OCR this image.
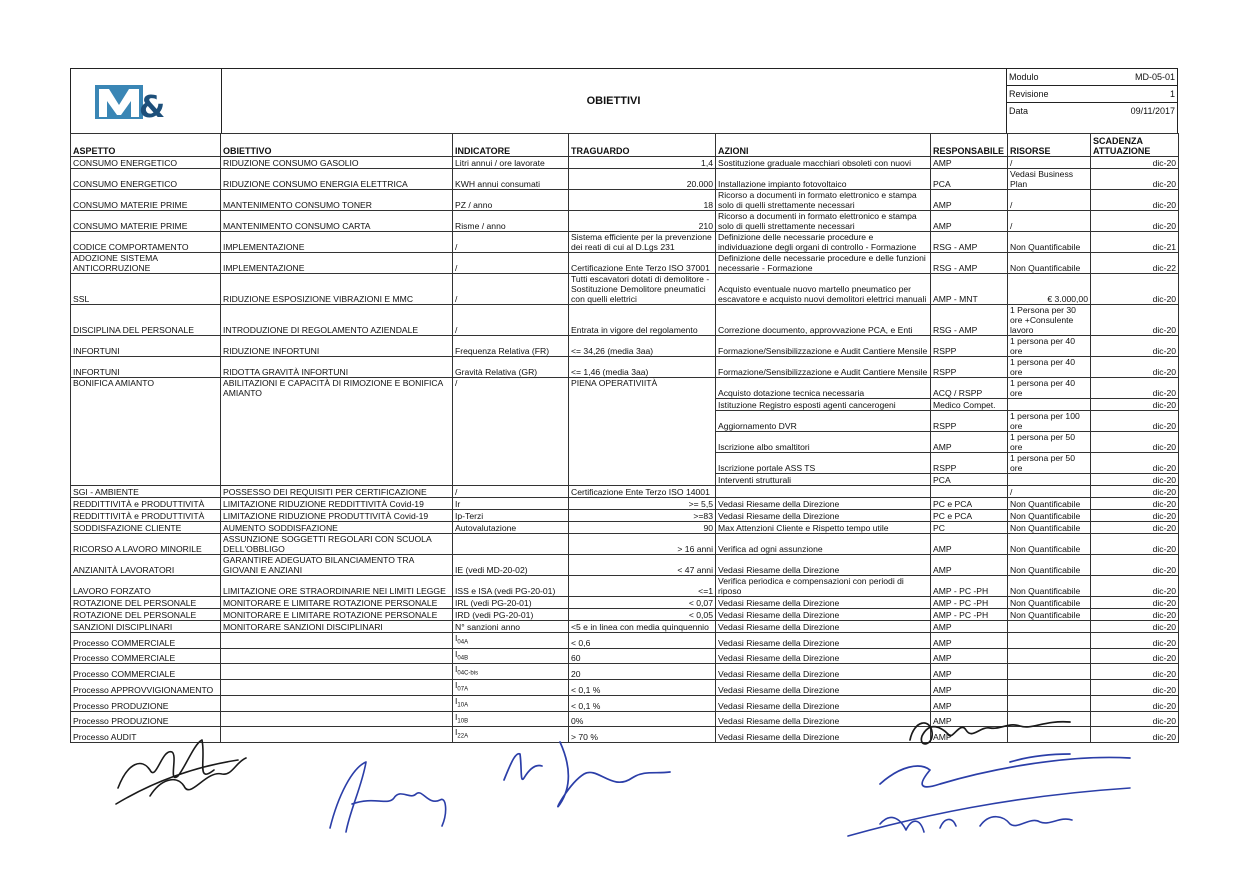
&	OBIETTIVI
Modulo	MD-05-01
Revisione	1
Data	09/11/2017
ASPETTO	OBIETTIVO	INDICATORE	TRAGUARDO	AZIONI	RESPONSABILE	RISORSE	SCADENZA ATTUAZIONE
CONSUMO ENERGETICO	RIDUZIONE CONSUMO GASOLIO	Litri annui / ore lavorate	1,4	Sostituzione graduale macchiari obsoleti con nuovi	AMP	/	dic-20
CONSUMO ENERGETICO	RIDUZIONE CONSUMO ENERGIA ELETTRICA	KWH annui consumati	20.000	Installazione impianto fotovoltaico	PCA	Vedasi Business Plan	dic-20
CONSUMO MATERIE PRIME	MANTENIMENTO CONSUMO TONER	PZ / anno	18	Ricorso a documenti in formato elettronico e stampa solo di quelli strettamente necessari	AMP	/	dic-20
CONSUMO MATERIE PRIME	MANTENIMENTO CONSUMO CARTA	Risme / anno	210	Ricorso a documenti in formato elettronico e stampa solo di quelli strettamente necessari	AMP	/	dic-20
CODICE COMPORTAMENTO	IMPLEMENTAZIONE	/	Sistema efficiente per la prevenzione dei reati di cui al D.Lgs 231	Definizione delle necessarie procedure e individuazione degli organi di controllo - Formazione	RSG - AMP	Non Quantificabile	dic-21
ADOZIONE SISTEMA ANTICORRUZIONE	IMPLEMENTAZIONE	/	Certificazione Ente Terzo ISO 37001	Definizione delle necessarie procedure e delle funzioni necessarie - Formazione	RSG - AMP	Non Quantificabile	dic-22
SSL	RIDUZIONE ESPOSIZIONE VIBRAZIONI E MMC	/	Tutti escavatori dotati di demolitore - Sostituzione Demolitore pneumatici con quelli elettrici	Acquisto eventuale nuovo martello pneumatico per escavatore e acquisto nuovi demolitori elettrici manuali	AMP - MNT	€ 3.000,00	dic-20
DISCIPLINA DEL PERSONALE	INTRODUZIONE DI REGOLAMENTO AZIENDALE	/	Entrata in vigore del regolamento	Correzione documento, approvvazione PCA, e Enti	RSG - AMP	1 Persona per 30 ore +Consulente lavoro	dic-20
INFORTUNI	RIDUZIONE INFORTUNI	Frequenza Relativa (FR)	<= 34,26 (media 3aa)	Formazione/Sensibilizzazione e Audit Cantiere Mensile	RSPP	1 persona per 40 ore	dic-20
INFORTUNI	RIDOTTA GRAVITÀ INFORTUNI	Gravità Relativa (GR)	<= 1,46 (media 3aa)	Formazione/Sensibilizzazione e Audit Cantiere Mensile	RSPP	1 persona per 40 ore	dic-20
BONIFICA AMIANTO	ABILITAZIONI E CAPACITÀ DI RIMOZIONE E BONIFICA AMIANTO	/	PIENA OPERATIVIITÀ	Acquisto dotazione tecnica necessaria	ACQ / RSPP	1 persona per 40 ore	dic-20
				Istituzione Registro esposti agenti cancerogeni	Medico Compet.		dic-20
				Aggiornamento DVR	RSPP	1 persona per 100 ore	dic-20
				Iscrizione albo smaltitori	AMP	1 persona per 50 ore	dic-20
				Iscrizione portale ASS TS	RSPP	1 persona per 50 ore	dic-20
				Interventi strutturali	PCA		dic-20
SGI - AMBIENTE	POSSESSO DEI REQUISITI PER CERTIFICAZIONE	/	Certificazione Ente Terzo ISO 14001			/	dic-20
REDDITTIVITÀ e PRODUTTIVITÀ	LIMITAZIONE RIDUZIONE REDDITTIVITÀ Covid-19	Ir	>= 5,5	Vedasi Riesame della Direzione	PC e PCA	Non Quantificabile	dic-20
REDDITTIVITÀ e PRODUTTIVITÀ	LIMITAZIONE RIDUZIONE PRODUTTIVITÀ Covid-19	Ip-Terzi	>=83	Vedasi Riesame della Direzione	PC e PCA	Non Quantificabile	dic-20
SODDISFAZIONE CLIENTE	AUMENTO SODDISFAZIONE	Autovalutazione	90	Max Attenzioni Cliente e Rispetto tempo utile	PC	Non Quantificabile	dic-20
RICORSO A LAVORO MINORILE	ASSUNZIONE SOGGETTI REGOLARI CON SCUOLA DELL'OBBLIGO		> 16 anni	Verifica ad ogni assunzione	AMP	Non Quantificabile	dic-20
ANZIANITÀ LAVORATORI	GARANTIRE ADEGUATO BILANCIAMENTO TRA GIOVANI E ANZIANI	IE (vedi MD-20-02)	< 47 anni	Vedasi Riesame della Direzione	AMP	Non Quantificabile	dic-20
LAVORO FORZATO	LIMITAZIONE ORE STRAORDINARIE NEI LIMITI LEGGE	ISS e ISA (vedi PG-20-01)	<=1	Verifica periodica e compensazioni con periodi di riposo	AMP - PC -PH	Non Quantificabile	dic-20
ROTAZIONE DEL PERSONALE	MONITORARE E LIMITARE ROTAZIONE PERSONALE	IRL (vedi PG-20-01)	< 0,07	Vedasi Riesame della Direzione	AMP - PC -PH	Non Quantificabile	dic-20
ROTAZIONE DEL PERSONALE	MONITORARE E LIMITARE ROTAZIONE PERSONALE	IRD (vedi PG-20-01)	< 0,05	Vedasi Riesame della Direzione	AMP - PC -PH	Non Quantificabile	dic-20
SANZIONI DISCIPLINARI	MONITORARE SANZIONI DISCIPLINARI	N° sanzioni anno	<5 e in linea con media quinquennio	Vedasi Riesame della Direzione	AMP		dic-20
Processo COMMERCIALE		$I_{04A}$	< 0,6	Vedasi Riesame della Direzione	AMP		dic-20
Processo COMMERCIALE		$I_{04B}$	60	Vedasi Riesame della Direzione	AMP		dic-20
Processo COMMERCIALE		$I_{04C-bis}$	20	Vedasi Riesame della Direzione	AMP		dic-20
Processo APPROVVIGIONAMENTO		$I_{07A}$	< 0,1 %	Vedasi Riesame della Direzione	AMP		dic-20
Processo PRODUZIONE		$I_{10A}$	< 0,1 %	Vedasi Riesame della Direzione	AMP		dic-20
Processo PRODUZIONE		$I_{10B}$	0%	Vedasi Riesame della Direzione	AMP		dic-20
Processo AUDIT		$I_{22A}$	> 70 %	Vedasi Riesame della Direzione	AMP		dic-20
